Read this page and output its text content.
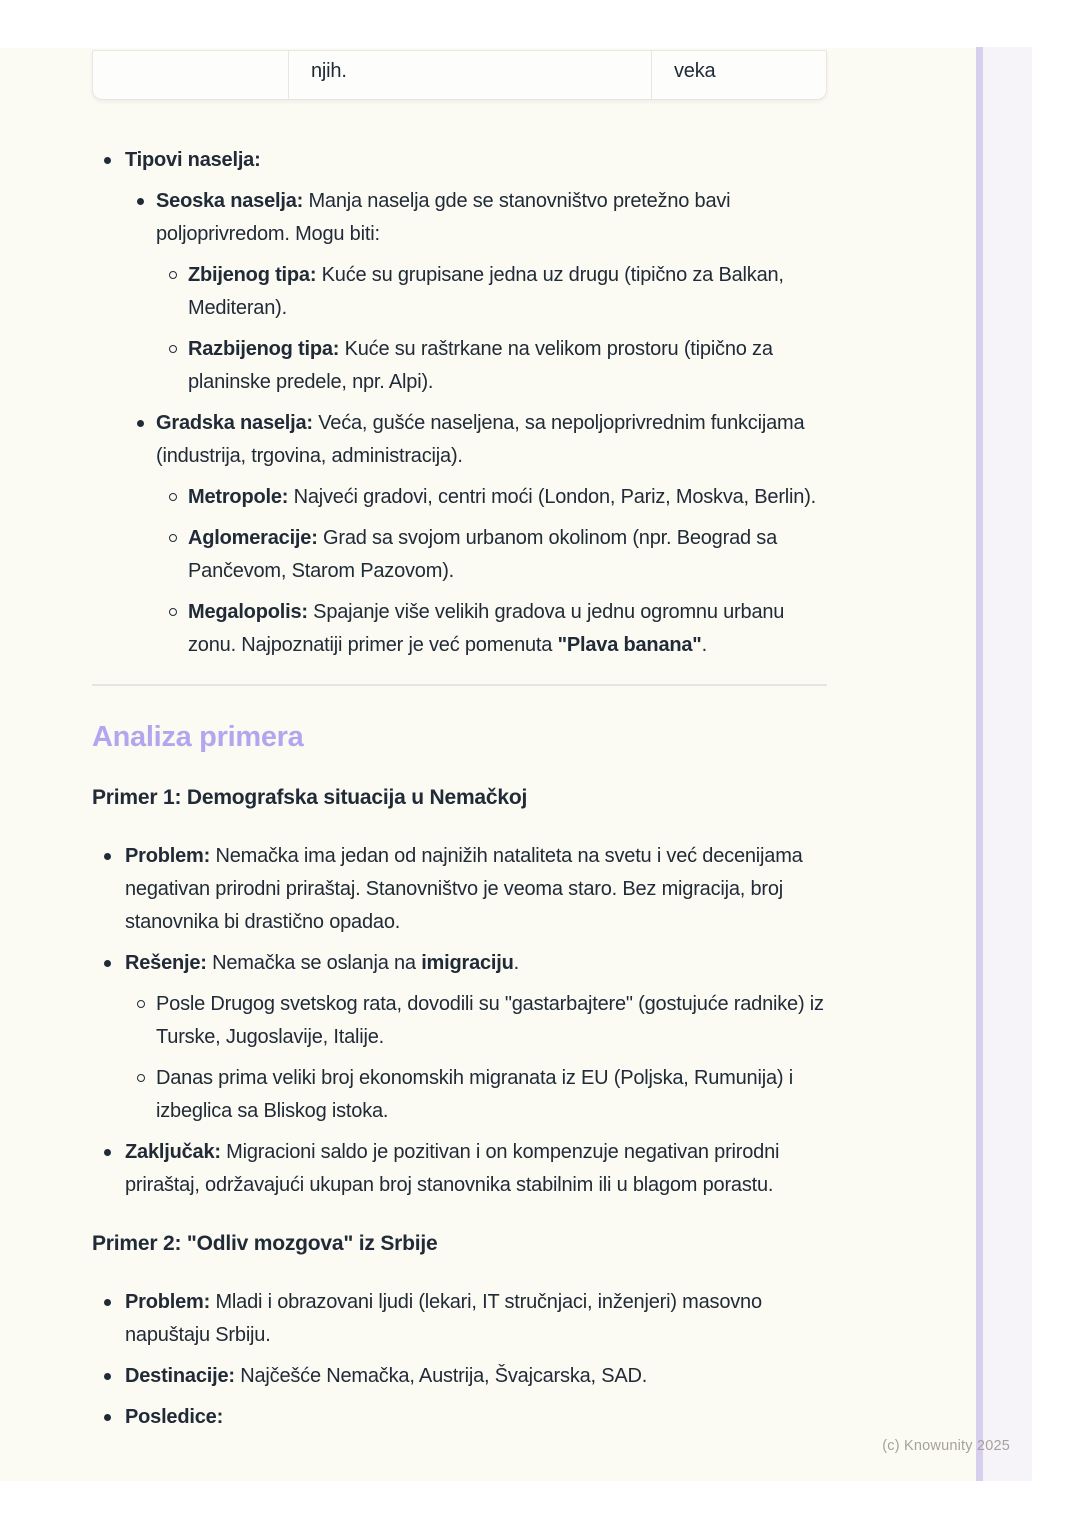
njih.	veka
Tipovi naselja:
Seoska naselja: Manja naselja gde se stanovništvo pretežno bavi poljoprivredom. Mogu biti:
Zbijenog tipa: Kuće su grupisane jedna uz drugu (tipično za Balkan, Mediteran).
Razbijenog tipa: Kuće su raštrkane na velikom prostoru (tipično za planinske predele, npr. Alpi).
Gradska naselja: Veća, gušće naseljena, sa nepoljoprivrednim funkcijama (industrija, trgovina, administracija).
Metropole: Najveći gradovi, centri moći (London, Pariz, Moskva, Berlin).
Aglomeracije: Grad sa svojom urbanom okolinom (npr. Beograd sa Pančevom, Starom Pazovom).
Megalopolis: Spajanje više velikih gradova u jednu ogromnu urbanu zonu. Najpoznatiji primer je već pomenuta "Plava banana".
Analiza primera
Primer 1: Demografska situacija u Nemačkoj
Problem: Nemačka ima jedan od najnižih nataliteta na svetu i već decenijama negativan prirodni priraštaj. Stanovništvo je veoma staro. Bez migracija, broj stanovnika bi drastično opadao.
Rešenje: Nemačka se oslanja na imigraciju.
Posle Drugog svetskog rata, dovodili su "gastarbajtere" (gostujuće radnike) iz Turske, Jugoslavije, Italije.
Danas prima veliki broj ekonomskih migranata iz EU (Poljska, Rumunija) i izbeglica sa Bliskog istoka.
Zaključak: Migracioni saldo je pozitivan i on kompenzuje negativan prirodni priraštaj, održavajući ukupan broj stanovnika stabilnim ili u blagom porastu.
Primer 2: "Odliv mozgova" iz Srbije
Problem: Mladi i obrazovani ljudi (lekari, IT stručnjaci, inženjeri) masovno napuštaju Srbiju.
Destinacije: Najčešće Nemačka, Austrija, Švajcarska, SAD.
Posledice:
(c) Knowunity 2025
